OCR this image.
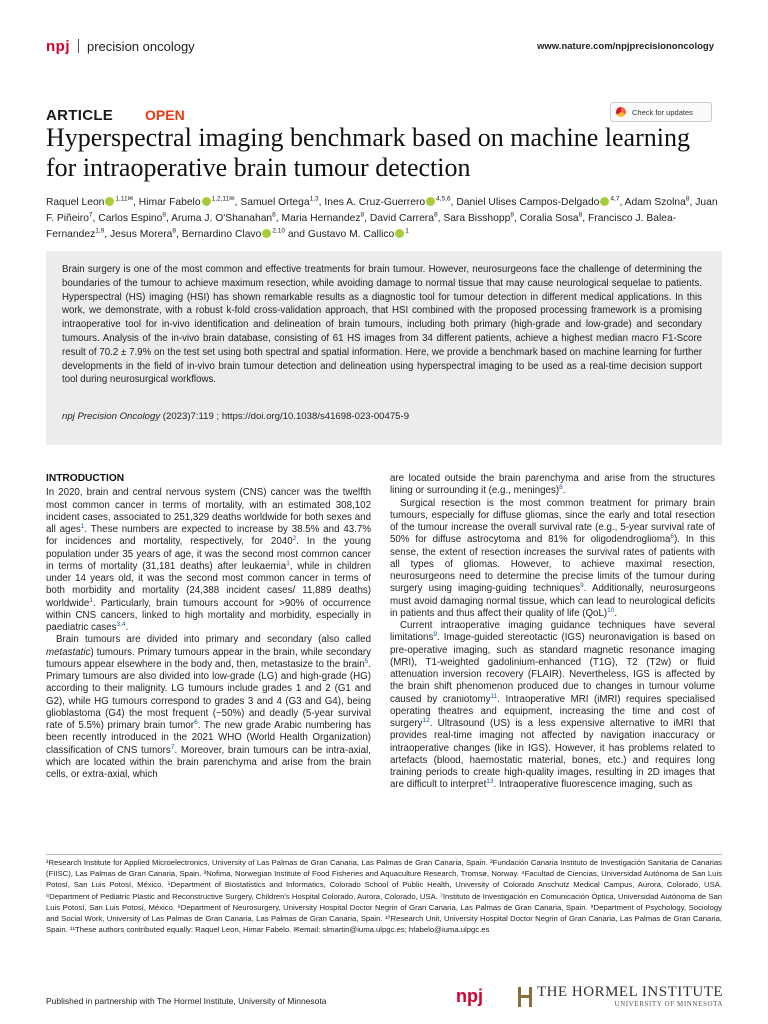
npj precision oncology	www.nature.com/npjprecisiononcology
ARTICLE OPEN	Check for updates
Hyperspectral imaging benchmark based on machine learning for intraoperative brain tumour detection
Raquel Leon $^{1,11✉}$, Himar Fabelo $^{1,2,11✉}$, Samuel Ortega$^{1,3}$, Ines A. Cruz-Guerrero $^{4,5,6}$, Daniel Ulises Campos-Delgado $^{4,7}$, Adam Szolna$^8$, Juan F. Piñeiro$^7$, Carlos Espino$^8$, Aruma J. O'Shanahan$^8$, Maria Hernandez$^8$, David Carrera$^8$, Sara Bisshopp$^8$, Coralia Sosa$^8$, Francisco J. Balea-Fernandez$^{1,9}$, Jesus Morera$^8$, Bernardino Clavo $^{2,10}$ and Gustavo M. Callico $^1$

Brain surgery is one of the most common and effective treatments for brain tumour. However, neurosurgeons face the challenge of determining the boundaries of the tumour to achieve maximum resection, while avoiding damage to normal tissue that may cause neurological sequelae to patients. Hyperspectral (HS) imaging (HSI) has shown remarkable results as a diagnostic tool for tumour detection in different medical applications. In this work, we demonstrate, with a robust k-fold cross-validation approach, that HSI combined with the proposed processing framework is a promising intraoperative tool for in-vivo identification and delineation of brain tumours, including both primary (high-grade and low-grade) and secondary tumours. Analysis of the in-vivo brain database, consisting of 61 HS images from 34 different patients, achieve a highest median macro F1-Score result of 70.2 ± 7.9% on the test set using both spectral and spatial information. Here, we provide a benchmark based on machine learning for further developments in the field of in-vivo brain tumour detection and delineation using hyperspectral imaging to be used as a real-time decision support tool during neurosurgical workflows.

npj Precision Oncology (2023)7:119 ; https://doi.org/10.1038/s41698-023-00475-9
INTRODUCTION

In 2020, brain and central nervous system (CNS) cancer was the twelfth most common cancer in terms of mortality, with an estimated 308,102 incident cases, associated to 251,329 deaths worldwide for both sexes and all ages$^1$. These numbers are expected to increase by 38.5% and 43.7% for incidences and mortality, respectively, for 2040$^2$. In the young population under 35 years of age, it was the second most common cancer in terms of mortality (31,181 deaths) after leukaemia$^1$, while in children under 14 years old, it was the second most common cancer in terms of both morbidity and mortality (24,388 incident cases/ 11,889 deaths) worldwide$^1$. Particularly, brain tumours account for >90% of occurrence within CNS cancers, linked to high mortality and morbidity, especially in paediatric cases$^{3,4}$.

Brain tumours are divided into primary and secondary (also called metastatic) tumours. Primary tumours appear in the brain, while secondary tumours appear elsewhere in the body and, then, metastasize to the brain$^5$. Primary tumours are also divided into low-grade (LG) and high-grade (HG) according to their malignity. LG tumours include grades 1 and 2 (G1 and G2), while HG tumours correspond to grades 3 and 4 (G3 and G4), being glioblastoma (G4) the most frequent (~50%) and deadly (5-year survival rate of 5.5%) primary brain tumor$^6$. The new grade Arabic numbering has been recently introduced in the 2021 WHO (World Health Organization) classification of CNS tumors$^7$. Moreover, brain tumours can be intra-axial, which are located within the brain parenchyma and arise from the brain cells, or extra-axial, which

are located outside the brain parenchyma and arise from the structures lining or surrounding it (e.g., meninges)$^8$.

Surgical resection is the most common treatment for primary brain tumours, especially for diffuse gliomas, since the early and total resection of the tumour increase the overall survival rate (e.g., 5-year survival rate of 50% for diffuse astrocytoma and 81% for oligodendroglioma$^6$). In this sense, the extent of resection increases the survival rates of patients with all types of gliomas. However, to achieve maximal resection, neurosurgeons need to determine the precise limits of the tumour during surgery using imaging-guiding techniques$^9$. Additionally, neurosurgeons must avoid damaging normal tissue, which can lead to neurological deficits in patients and thus affect their quality of life (QoL)$^{10}$.

Current intraoperative imaging guidance techniques have several limitations$^9$. Image-guided stereotactic (IGS) neuronavigation is based on pre-operative imaging, such as standard magnetic resonance imaging (MRI), T1-weighted gadolinium-enhanced (T1G), T2 (T2w) or fluid attenuation inversion recovery (FLAIR). Nevertheless, IGS is affected by the brain shift phenomenon produced due to changes in tumour volume caused by craniotomy$^{11}$. Intraoperative MRI (iMRI) requires specialised operating theatres and equipment, increasing the time and cost of surgery$^{12}$. Ultrasound (US) is a less expensive alternative to iMRI that provides real-time imaging not affected by navigation inaccuracy or intraoperative changes (like in IGS). However, it has problems related to artefacts (blood, haemostatic material, bones, etc.) and requires long training periods to create high-quality images, resulting in 2D images that are difficult to interpret$^{13}$. Intraoperative fluorescence imaging, such as

¹Research Institute for Applied Microelectronics, University of Las Palmas de Gran Canaria, Las Palmas de Gran Canaria, Spain. ²Fundación Canaria Instituto de Investigación Sanitaria de Canarias (FIISC), Las Palmas de Gran Canaria, Spain. ³Nofima, Norwegian Institute of Food Fisheries and Aquaculture Research, Tromsø, Norway. ⁴Facultad de Ciencias, Universidad Autónoma de San Luis Potosí, San Luis Potosí, México. ⁵Department of Biostatistics and Informatics, Colorado School of Public Health, University of Colorado Anschutz Medical Campus, Aurora, Colorado, USA. ⁶Department of Pediatric Plastic and Reconstructive Surgery, Children's Hospital Colorado, Aurora, Colorado, USA. ⁷Instituto de Investigación en Comunicación Óptica, Universidad Autónoma de San Luis Potosí, San Luis Potosí, México. ⁸Department of Neurosurgery, University Hospital Doctor Negrin of Gran Canaria, Las Palmas de Gran Canaria, Spain. ⁹Department of Psychology, Sociology and Social Work, University of Las Palmas de Gran Canaria, Las Palmas de Gran Canaria, Spain. ¹⁰Research Unit, University Hospital Doctor Negrin of Gran Canaria, Las Palmas de Gran Canaria, Spain. ¹¹These authors contributed equally: Raquel Leon, Himar Fabelo. ✉email: slmartin@iuma.ulpgc.es; hfabelo@iuma.ulpgc.es
Published in partnership with The Hormel Institute, University of Minnesota	npj	THE HORMEL INSTITUTE
UNIVERSITY OF MINNESOTA
